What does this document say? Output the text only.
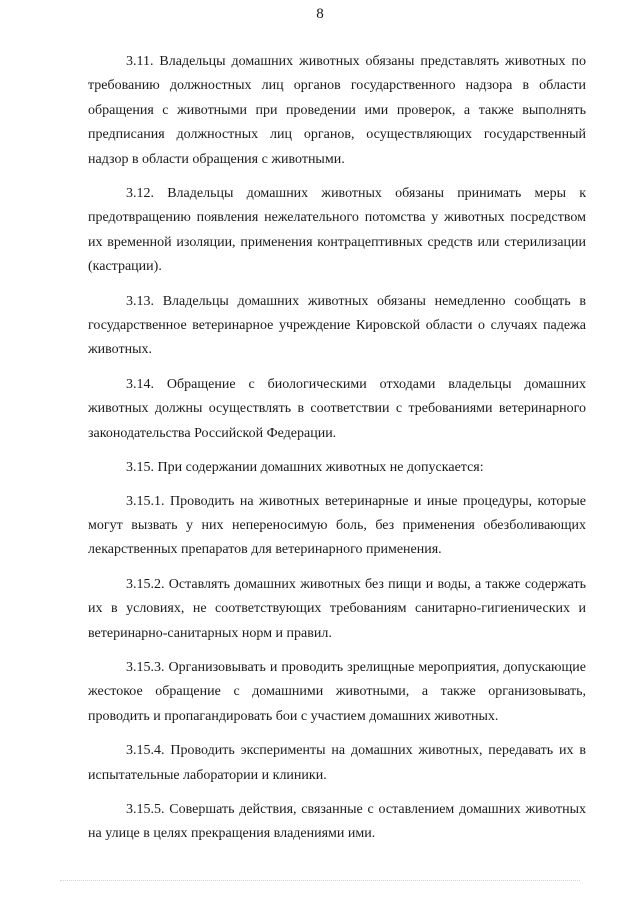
8

3.11. Владельцы домашних животных обязаны представлять животных по требованию должностных лиц органов государственного надзора в области обращения с животными при проведении ими проверок, а также выполнять предписания должностных лиц органов, осуществляющих государственный надзор в области обращения с животными.

3.12. Владельцы домашних животных обязаны принимать меры к предотвращению появления нежелательного потомства у животных посредством их временной изоляции, применения контрацептивных средств или стерилизации (кастрации).

3.13. Владельцы домашних животных обязаны немедленно сообщать в государственное ветеринарное учреждение Кировской области о случаях падежа животных.

3.14. Обращение с биологическими отходами владельцы домашних животных должны осуществлять в соответствии с требованиями ветеринарного законодательства Российской Федерации.

3.15. При содержании домашних животных не допускается:

3.15.1. Проводить на животных ветеринарные и иные процедуры, которые могут вызвать у них непереносимую боль, без применения обезболивающих лекарственных препаратов для ветеринарного применения.

3.15.2. Оставлять домашних животных без пищи и воды, а также содержать их в условиях, не соответствующих требованиям санитарно-гигиенических и ветеринарно-санитарных норм и правил.

3.15.3. Организовывать и проводить зрелищные мероприятия, допускающие жестокое обращение с домашними животными, а также организовывать, проводить и пропагандировать бои с участием домашних животных.

3.15.4. Проводить эксперименты на домашних животных, передавать их в испытательные лаборатории и клиники.

3.15.5. Совершать действия, связанные с оставлением домашних животных на улице в целях прекращения владениями ими.
